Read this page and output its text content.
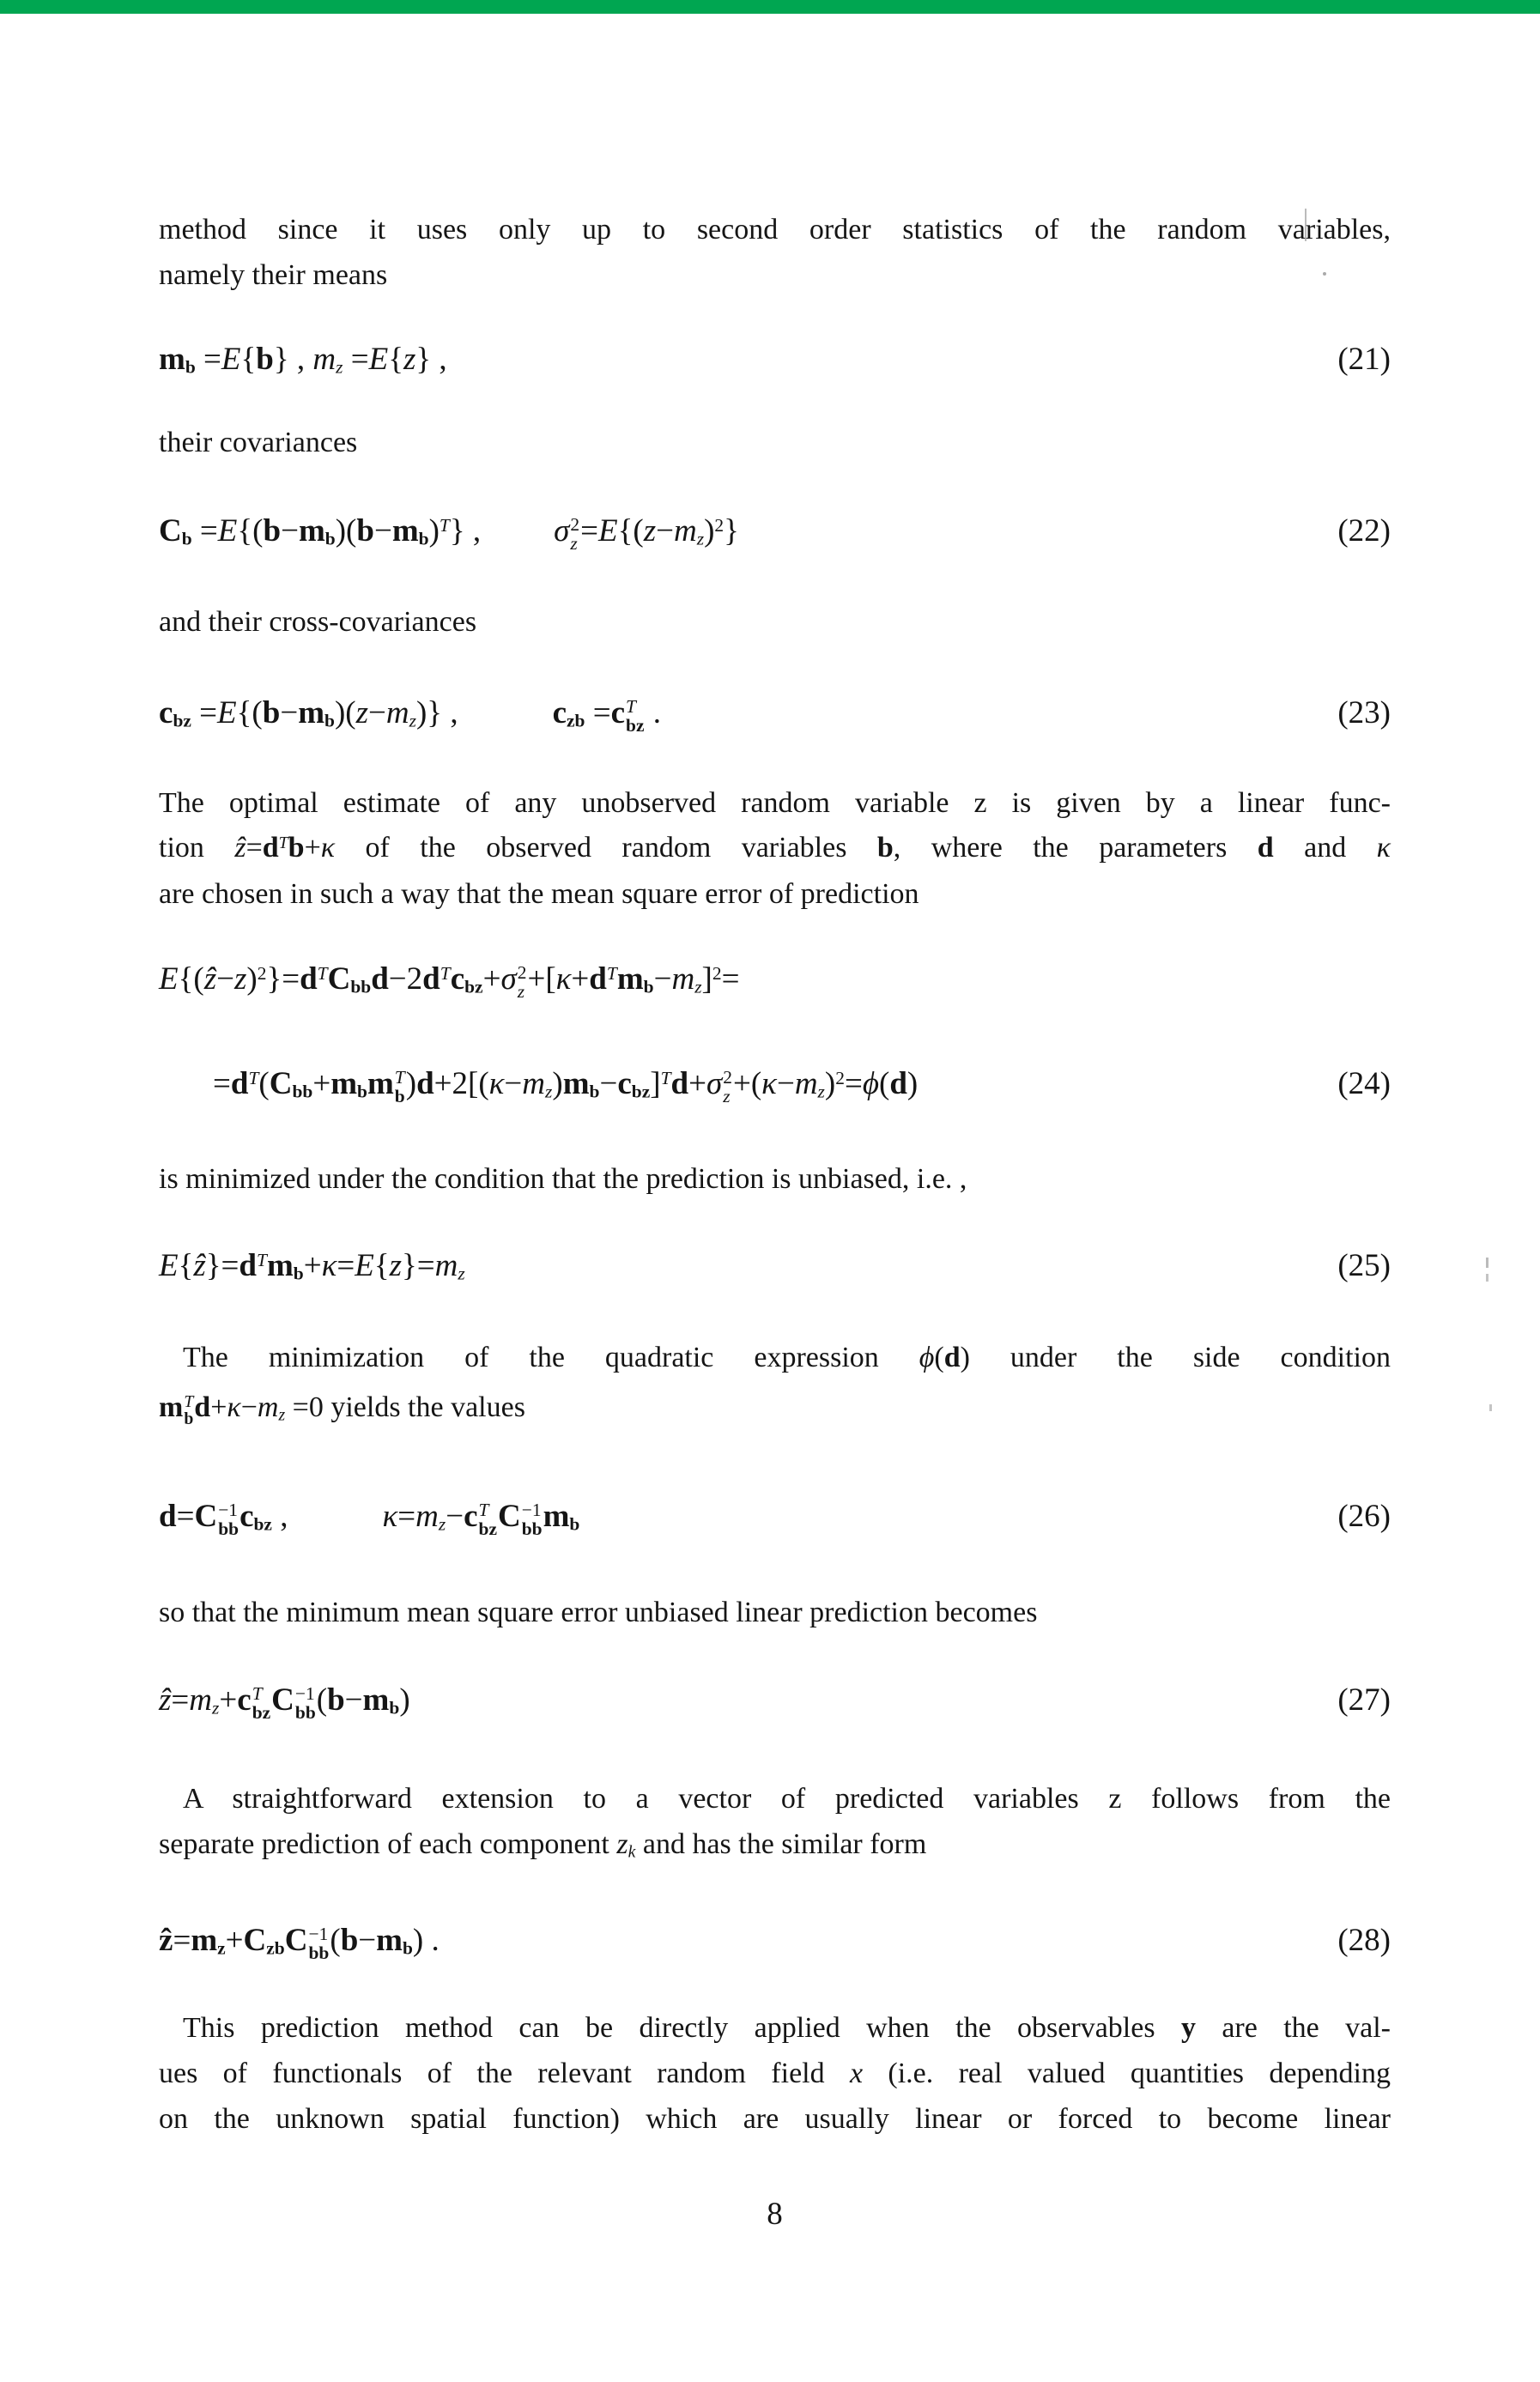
method since it uses only up to second order statistics of the random variables,
namely their means
$m_b =E\{b\}$ , $m_z =E\{z\}$ ,	(21)
their covariances
$C_b =E\{(b-m_b)(b-m_b)^T\}$ , σ 2
$z =E\{(z-m_z)^2\}$	(22)
and their cross-covariances
$c_{bz} =E\{(b-m_b)(z-m_z)\}$ ,	$c_{zb} =c$ T
bz .	(23)
The optimal estimate of any unobserved random variable z is given by a linear func-
tion $ẑ=d^Tb+\kappa$ of the observed random variables b, where the parameters d and κ
are chosen in such a way that the mean square error of prediction
$E\{(ẑ-z)^2\}=d^TC_{bb}d-2d^Tc_{bz}+\sigma$ 2
$z +[\kappa+d^Tm_b-m_z]^2=$
$=d^T(C_{bb}+m_bm$ T
b )$d+2[(\kappa-m_z)m_b-c_{bz}]^Td+\sigma$ 2
$z +(\kappa-m_z)^2=\phi(d)$	(24)
is minimized under the condition that the prediction is unbiased, i.e. ,
$E\{ẑ\}=d^Tm_b+\kappa=E\{z\}=m_z$	(25)
The minimization of the quadratic expression ϕ(d) under the side condition
m T
b $d+\kappa-m_z =0$ yields the values
d=C −1
bb $c_{bz}$ ,	$\kappa=m_z-c$ T
bz C −1
bb $m_b$	(26)
so that the minimum mean square error unbiased linear prediction becomes
$ẑ=m_z+c$ T
bz C −1
bb $(b-m_b)$	(27)
A straightforward extension to a vector of predicted variables z follows from the
separate prediction of each component $z_k$ and has the similar form
$ẑ=m_z+C_{zb}C -1$
bb $(b-m_b)$ .	(28)
This prediction method can be directly applied when the observables y are the val-
ues of functionals of the relevant random field x (i.e. real valued quantities depending
on the unknown spatial function) which are usually linear or forced to become linear
8
